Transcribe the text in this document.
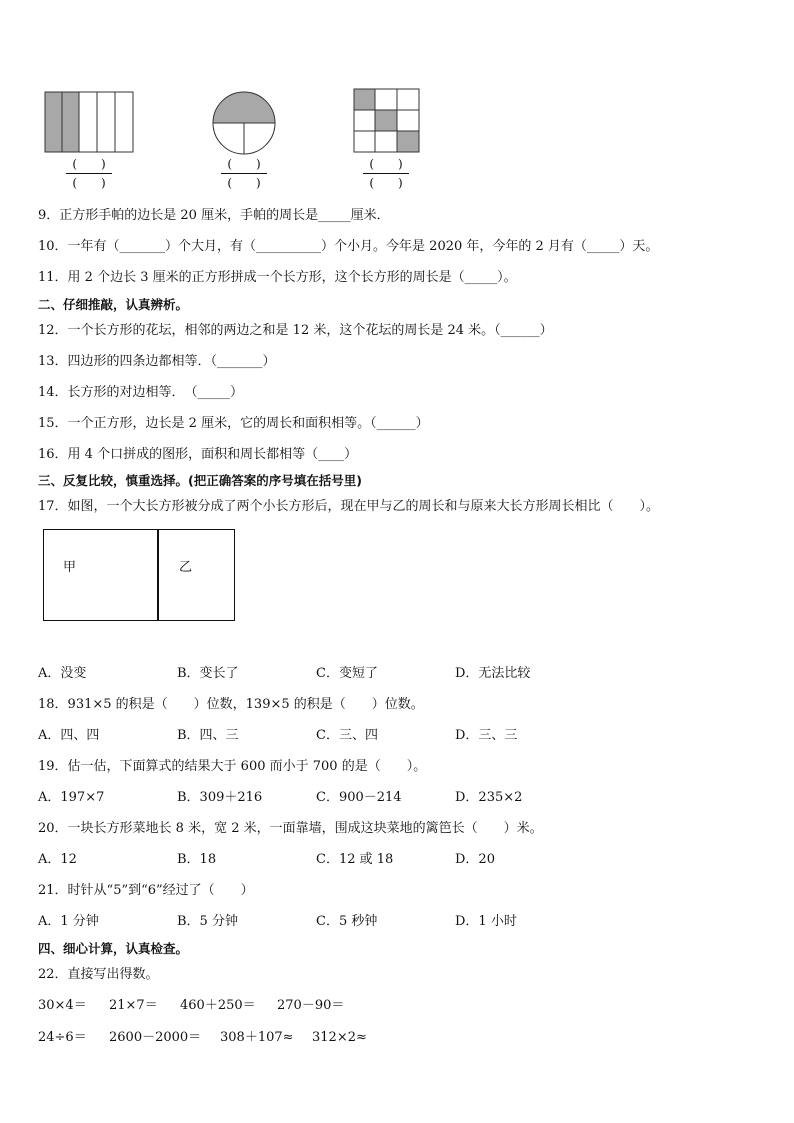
(　　)
(　　)
(　　)
(　　)
(　　)
(　　)
9．正方形手帕的边长是 20 厘米，手帕的周长是_____厘米．
10．一年有（_______）个大月，有（__________）个小月。今年是 2020 年，今年的 2 月有（_____）天。
11．用 2 个边长 3 厘米的正方形拼成一个长方形，这个长方形的周长是（_____）。
二、仔细推敲，认真辨析。
12．一个长方形的花坛，相邻的两边之和是 12 米，这个花坛的周长是 24 米。（______）
13．四边形的四条边都相等．（_______）
14．长方形的对边相等．　（_____）
15．一个正方形，边长是 2 厘米，它的周长和面积相等。（______）
16．用 4 个口拼成的图形，面积和周长都相等（____）
三、反复比较，慎重选择。(把正确答案的序号填在括号里)
17．如图，一个大长方形被分成了两个小长方形后，现在甲与乙的周长和与原来大长方形周长相比（　　）。
甲	乙
A．没变	B．变长了	C．变短了	D．无法比较
18．931×5 的积是（　　）位数，139×5 的积是（　　）位数。
A．四、四	B．四、三	C．三、四	D．三、三
19．估一估，下面算式的结果大于 600 而小于 700 的是（　　）。
A．197×7	B．309＋216	C．900－214	D．235×2
20．一块长方形菜地长 8 米，宽 2 米，一面靠墙，围成这块菜地的篱笆长（　　）米。
A．12	B．18	C．12 或 18	D．20
21．时针从“5”到“6”经过了（　　）
A．1 分钟	B．5 分钟	C．5 秒钟	D．1 小时
四、细心计算，认真检查。
22．直接写出得数。
30×4＝ 21×7＝ 460＋250＝ 270－90＝
24÷6＝ 2600－2000＝ 308＋107≈ 312×2≈
